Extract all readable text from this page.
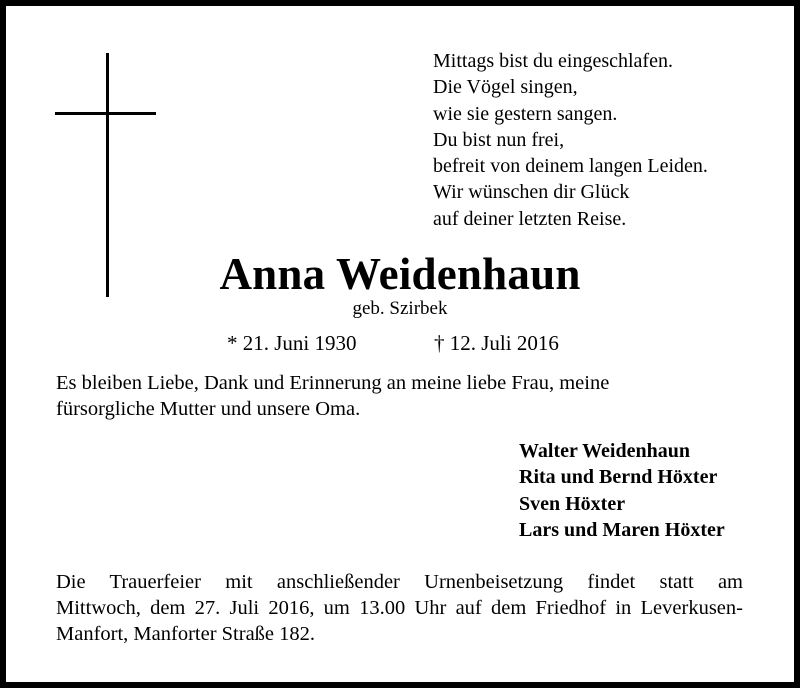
Mittags bist du eingeschlafen.
Die Vögel singen,
wie sie gestern sangen.
Du bist nun frei,
befreit von deinem langen Leiden.
Wir wünschen dir Glück
auf deiner letzten Reise.
Anna Weidenhaun
geb. Szirbek
* 21. Juni 1930	† 12. Juli 2016
Es bleiben Liebe, Dank und Erinnerung an meine liebe Frau, meine
fürsorgliche Mutter und unsere Oma.
Walter Weidenhaun
Rita und Bernd Höxter
Sven Höxter
Lars und Maren Höxter
Die Trauerfeier mit anschließender Urnenbeisetzung findet statt am
Mittwoch, dem 27. Juli 2016, um 13.00 Uhr auf dem Friedhof in Leverkusen-
Manfort, Manforter Straße 182.
